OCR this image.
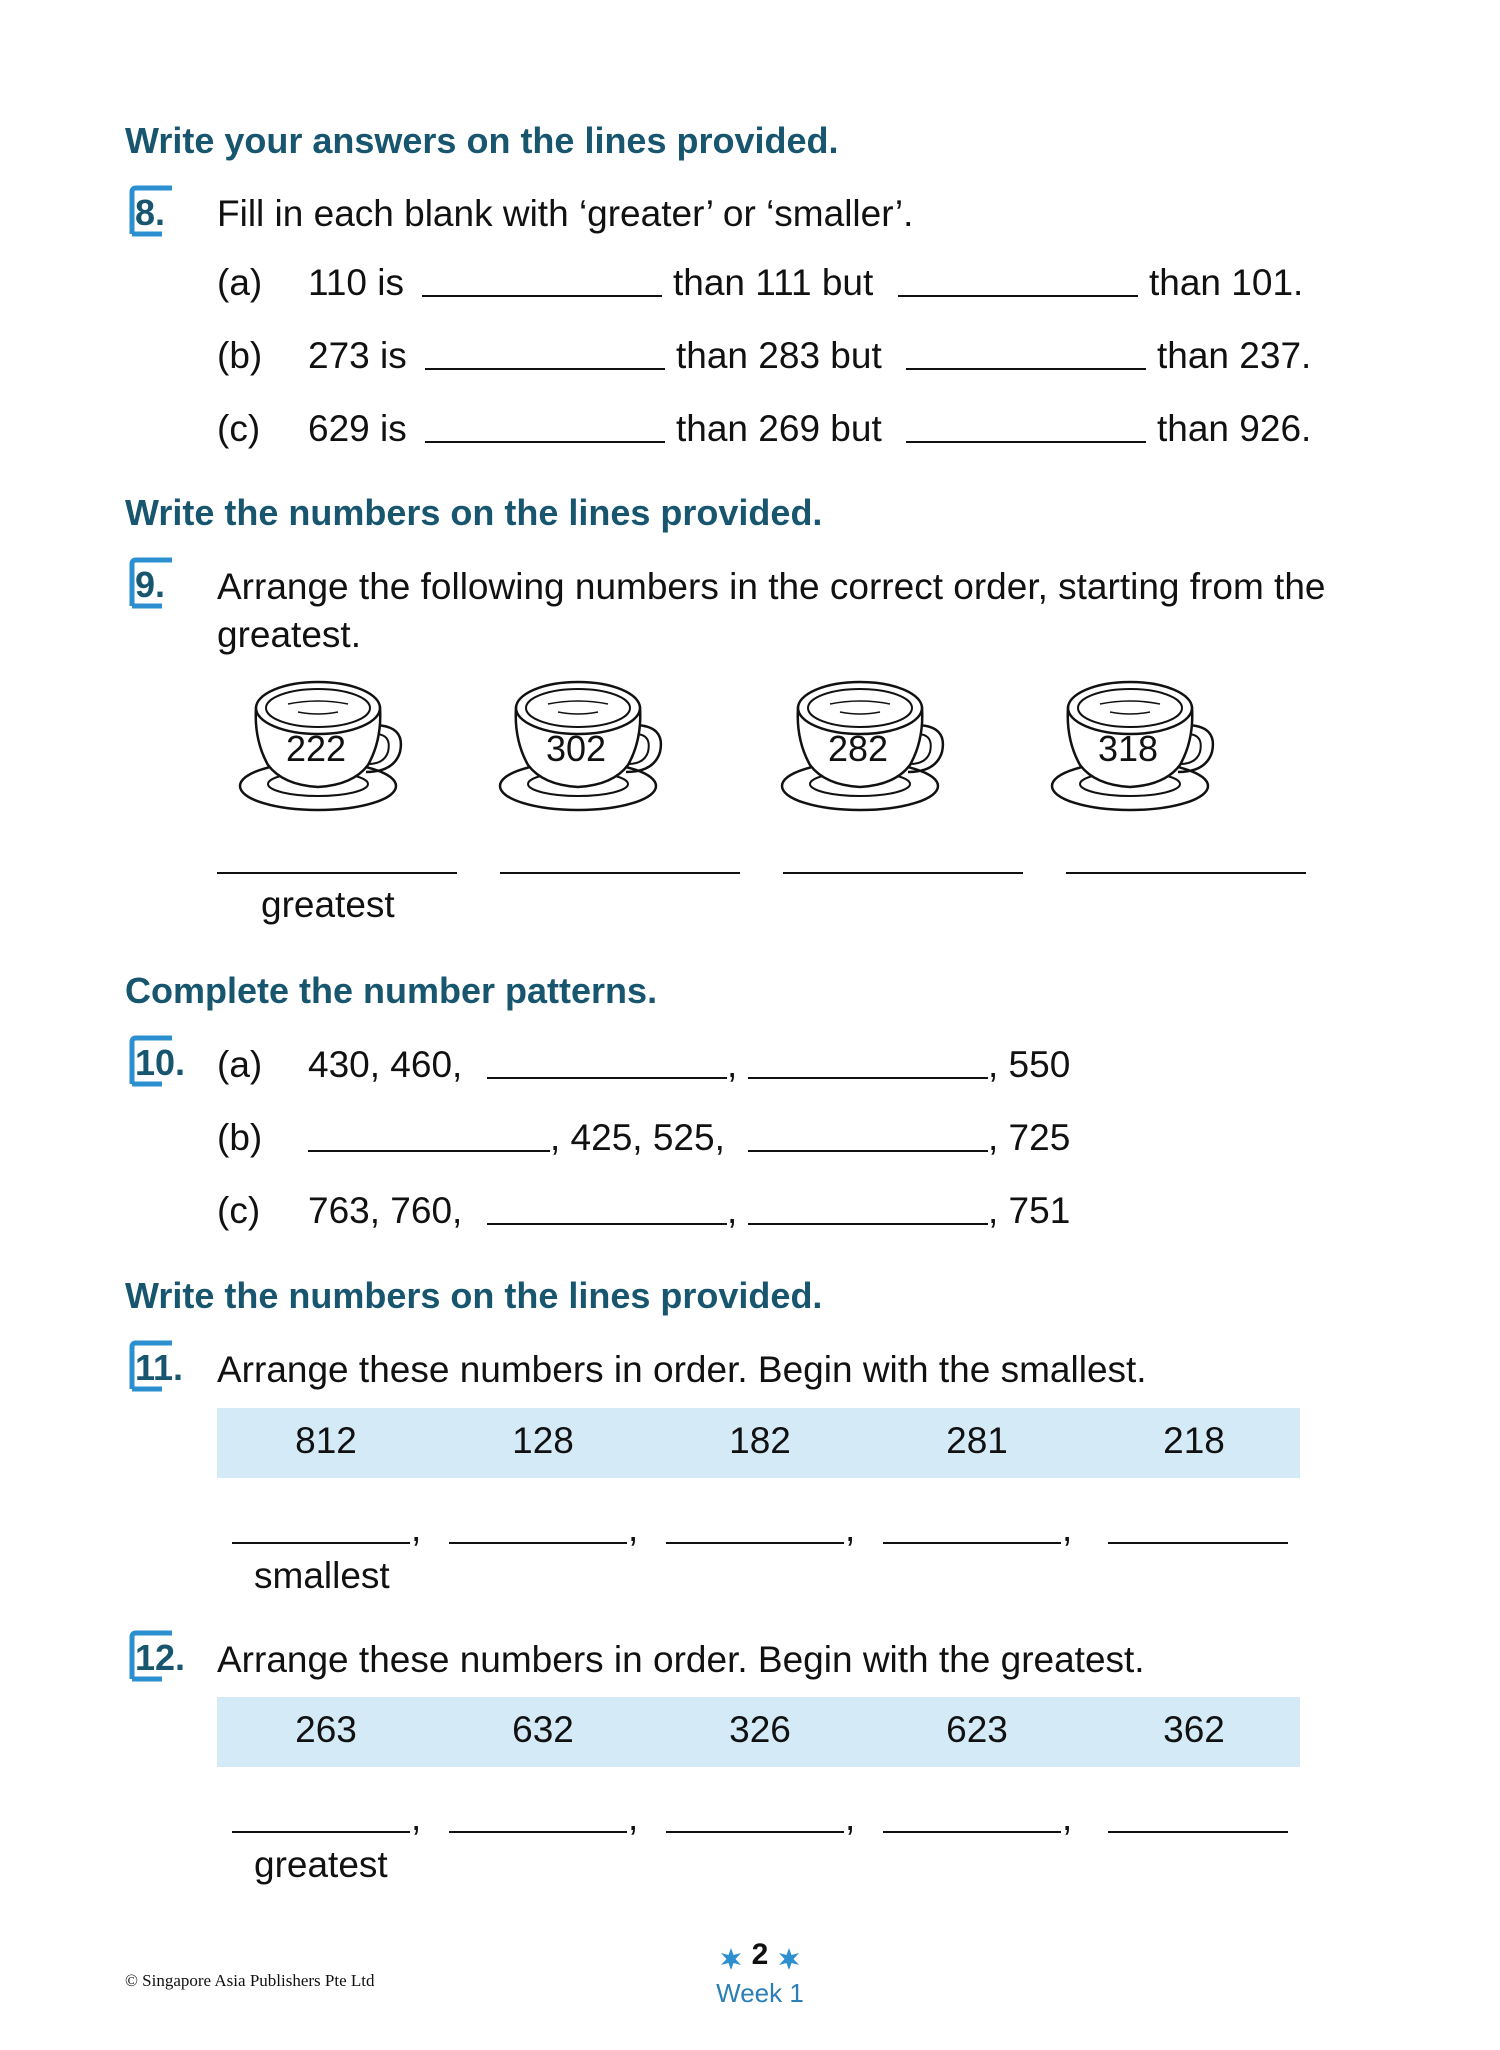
Write your answers on the lines provided.
8. Fill in each blank with ‘greater’ or ‘smaller’.
(a) 110 is	than 111 but	than 101.
(b) 273 is	than 283 but	than 237.
(c) 629 is	than 269 but	than 926.
Write the numbers on the lines provided.
9. Arrange the following numbers in the correct order, starting from the
greatest.
222	302	282	318
greatest
Complete the number patterns.
10. (a) 430, 460,	,	, 550
(b)	, 425, 525,	, 725
(c) 763, 760,	,	, 751
Write the numbers on the lines provided.
11. Arrange these numbers in order. Begin with the smallest.
812	128	182	281	218
,	,	,	,
smallest
12. Arrange these numbers in order. Begin with the greatest.
263	632	326	623	362
,	,	,	,
greatest
© Singapore Asia Publishers Pte Ltd
2
Week 1
